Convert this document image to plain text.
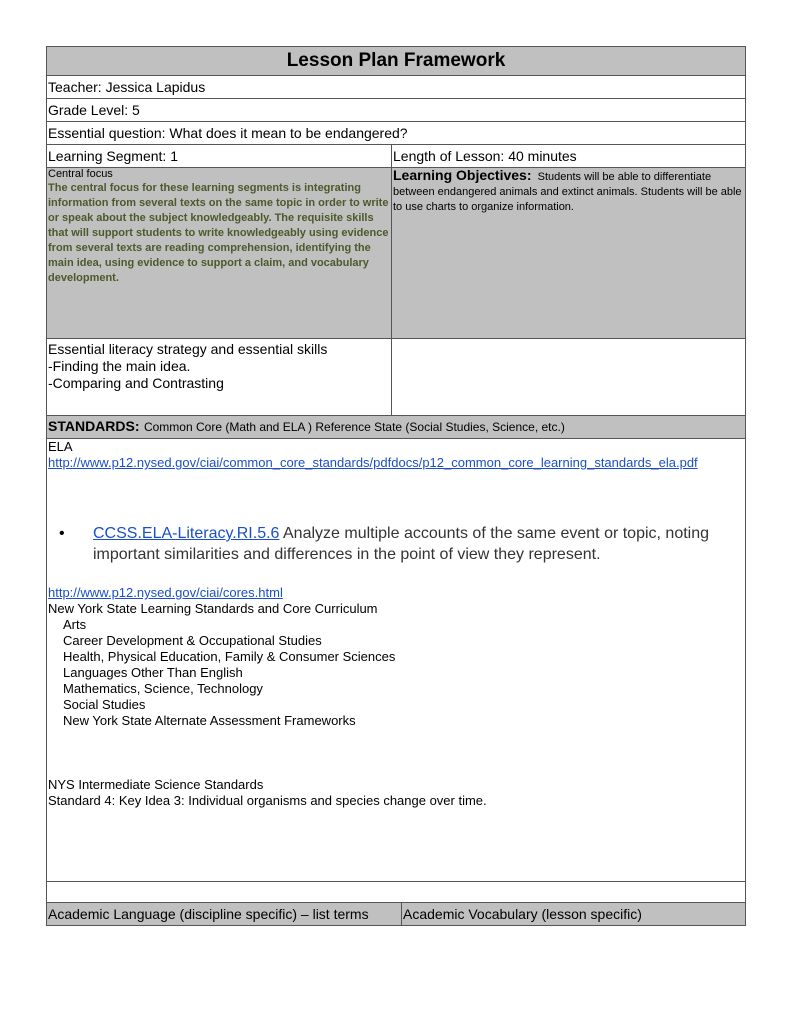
Lesson Plan Framework
Teacher: Jessica Lapidus
Grade Level: 5
Essential question: What does it mean to be endangered?
Learning Segment: 1	Length of Lesson: 40 minutes
Central focus
The central focus for these learning segments is integrating information from several texts on the same topic in order to write or speak about the subject knowledgeably. The requisite skills that will support students to write knowledgeably using evidence from several texts are reading comprehension, identifying the main idea, using evidence to support a claim, and vocabulary development.
Learning Objectives: Students will be able to differentiate between endangered animals and extinct animals. Students will be able to use charts to organize information.
Essential literacy strategy and essential skills
-Finding the main idea.
-Comparing and Contrasting
STANDARDS: Common Core (Math and ELA ) Reference State (Social Studies, Science, etc.)
ELA
http://www.p12.nysed.gov/ciai/common_core_standards/pdfdocs/p12_common_core_learning_standards_ela.pdf
• CCSS.ELA-Literacy.RI.5.6 Analyze multiple accounts of the same event or topic, noting important similarities and differences in the point of view they represent.
http://www.p12.nysed.gov/ciai/cores.html
New York State Learning Standards and Core Curriculum
Arts
Career Development & Occupational Studies
Health, Physical Education, Family & Consumer Sciences
Languages Other Than English
Mathematics, Science, Technology
Social Studies
New York State Alternate Assessment Frameworks
NYS Intermediate Science Standards
Standard 4: Key Idea 3: Individual organisms and species change over time.
Academic Language (discipline specific) – list terms	Academic Vocabulary (lesson specific)
